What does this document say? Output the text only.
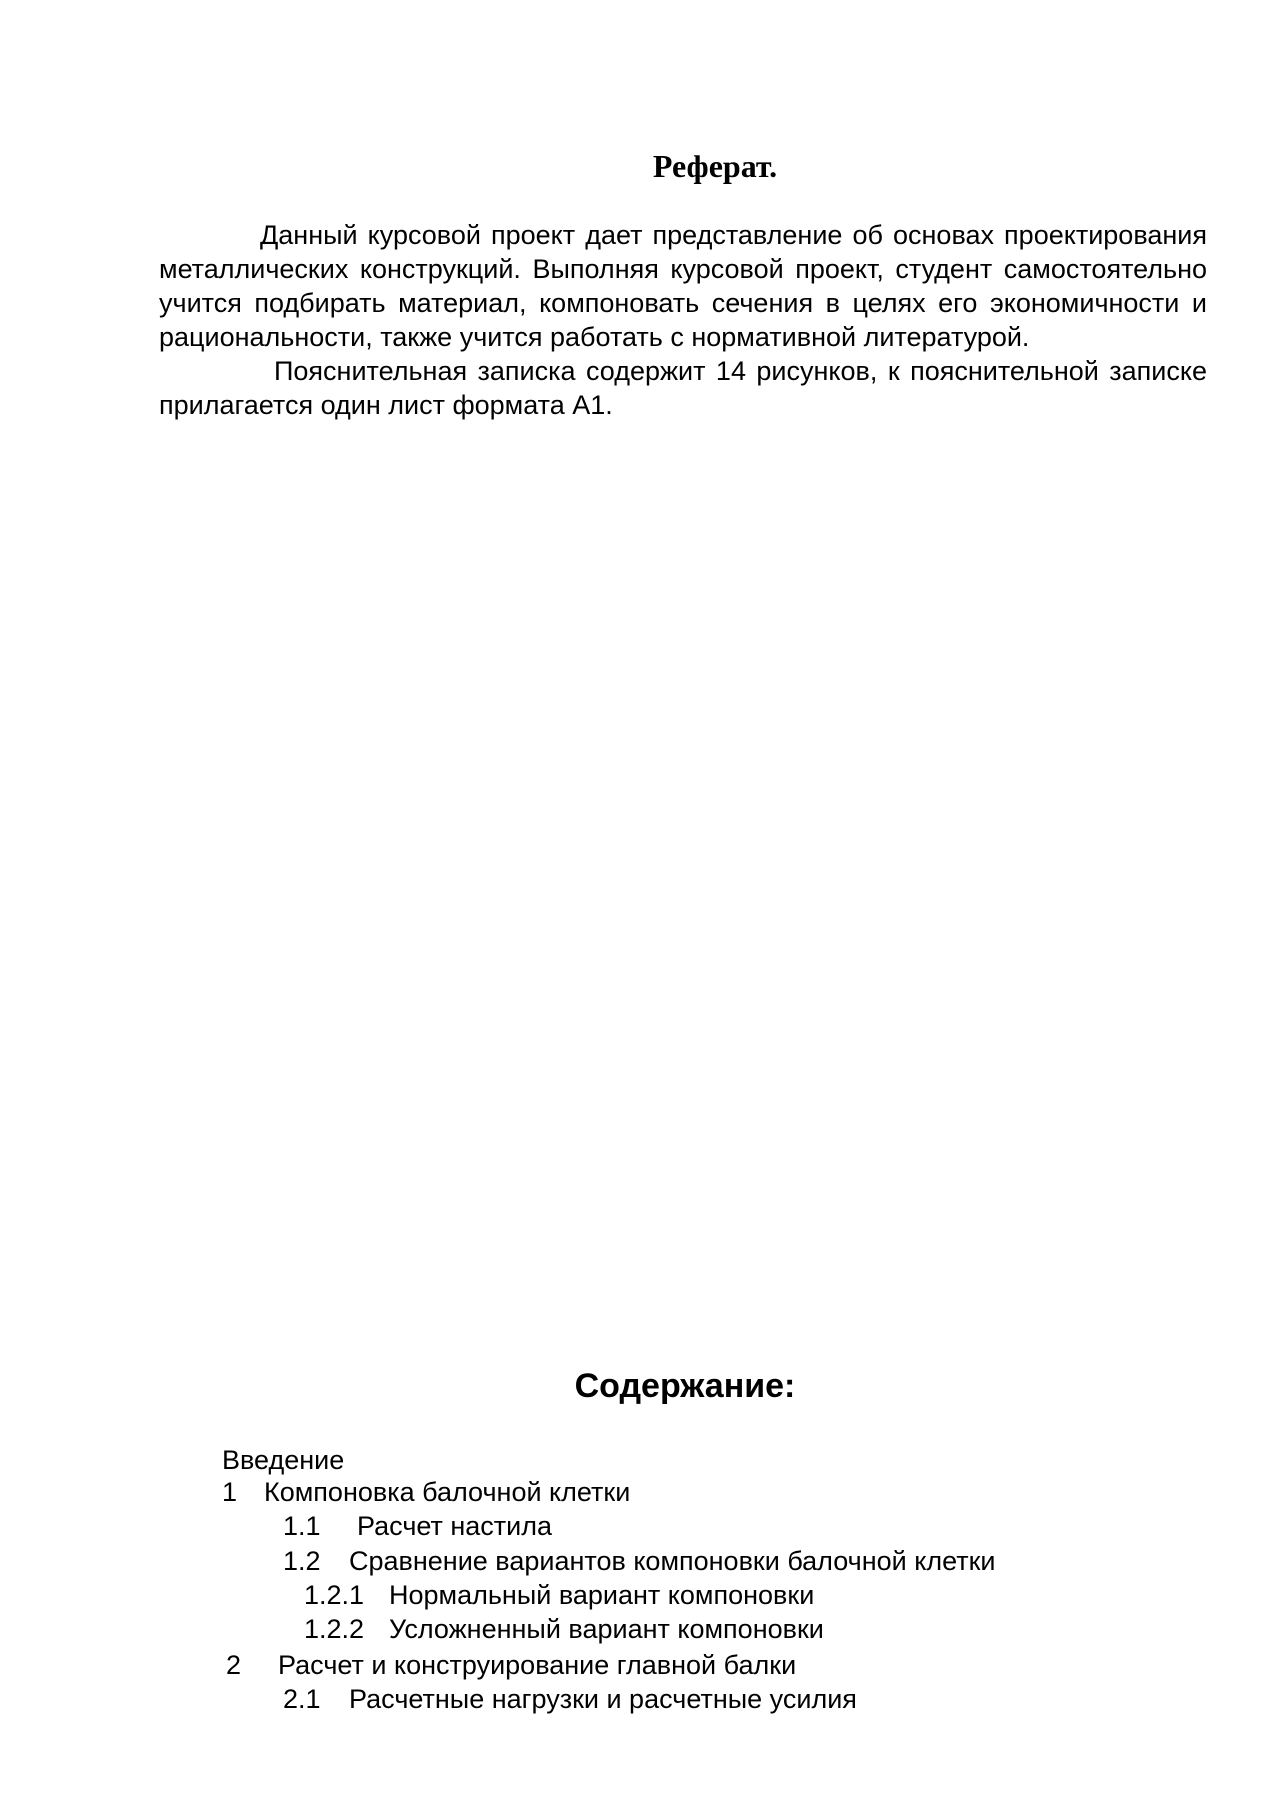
Реферат.

Данный курсовой проект дает представление об основах проектирования металлических конструкций. Выполняя курсовой проект, студент самостоятельно учится подбирать материал, компоновать сечения в целях его экономичности и рациональности, также учится работать с нормативной литературой.

Пояснительная записка содержит 14 рисунков, к пояснительной записке прилагается один лист формата А1.

Содержание:
Введение
1 Компоновка балочной клетки
1.1 Расчет настила
1.2 Сравнение вариантов компоновки балочной клетки
1.2.1 Нормальный вариант компоновки
1.2.2 Усложненный вариант компоновки
2 Расчет и конструирование главной балки
2.1 Расчетные нагрузки и расчетные усилия
